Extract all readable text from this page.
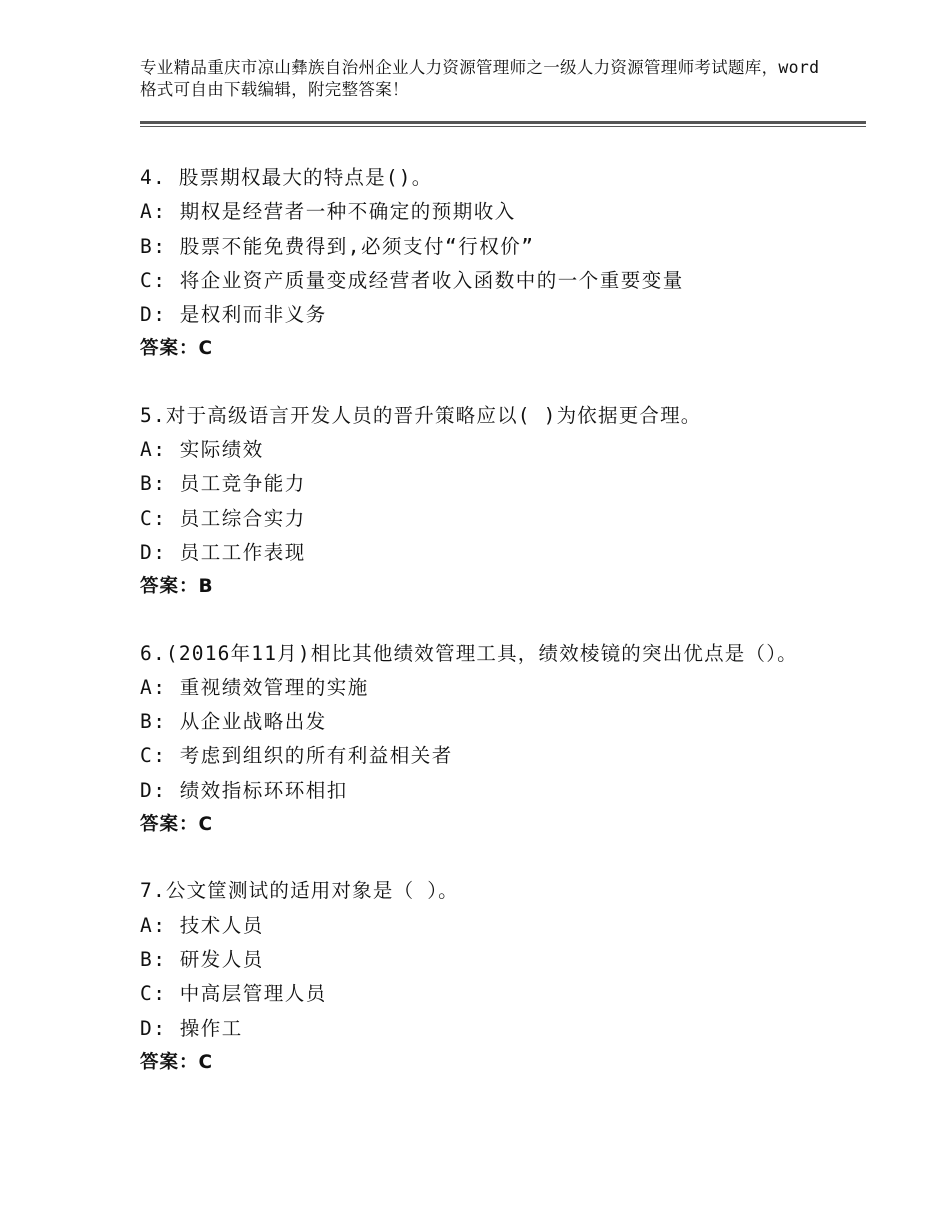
专业精品重庆市凉山彝族自治州企业人力资源管理师之一级人力资源管理师考试题库，word格式可自由下载编辑，附完整答案！
4. 股票期权最大的特点是()。
A: 期权是经营者一种不确定的预期收入
B: 股票不能免费得到,必须支付“行权价”
C: 将企业资产质量变成经营者收入函数中的一个重要变量
D: 是权利而非义务
答案：C
5.对于高级语言开发人员的晋升策略应以( )为依据更合理。
A: 实际绩效
B: 员工竞争能力
C: 员工综合实力
D: 员工工作表现
答案：B
6.(2016年11月)相比其他绩效管理工具，绩效棱镜的突出优点是（）。
A: 重视绩效管理的实施
B: 从企业战略出发
C: 考虑到组织的所有利益相关者
D: 绩效指标环环相扣
答案：C
7.公文筐测试的适用对象是（ ）。
A: 技术人员
B: 研发人员
C: 中高层管理人员
D: 操作工
答案：C
